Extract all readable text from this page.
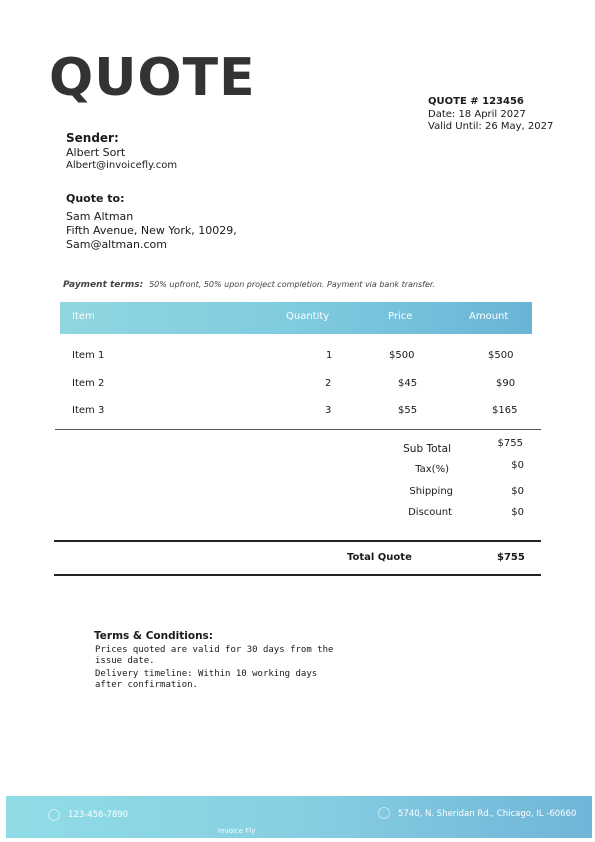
QUOTE	QUOTE # 123456
Date: 18 April 2027
Valid Until: 26 May, 2027
Sender:
Albert Sort
Albert@invoicefly.com
Quote to:
Sam Altman
Fifth Avenue, New York, 10029,
Sam@altman.com
Payment terms: 50% upfront, 50% upon project completion. Payment via bank transfer.
Item	Quantity	Price	Amount
Item 1	1	$500	$500
Item 2	2	$45	$90
Item 3	3	$55	$165
Sub Total	$755
Tax(%)	$0
Shipping	$0
Discount	$0
Total Quote	$755
Terms & Conditions:

Prices quoted are valid for 30 days from the issue date.

Delivery timeline: Within 10 working days after confirmation.

123-456-7890	5740, N. Sheridan Rd., Chicago, IL -60660
Invoice Fly
